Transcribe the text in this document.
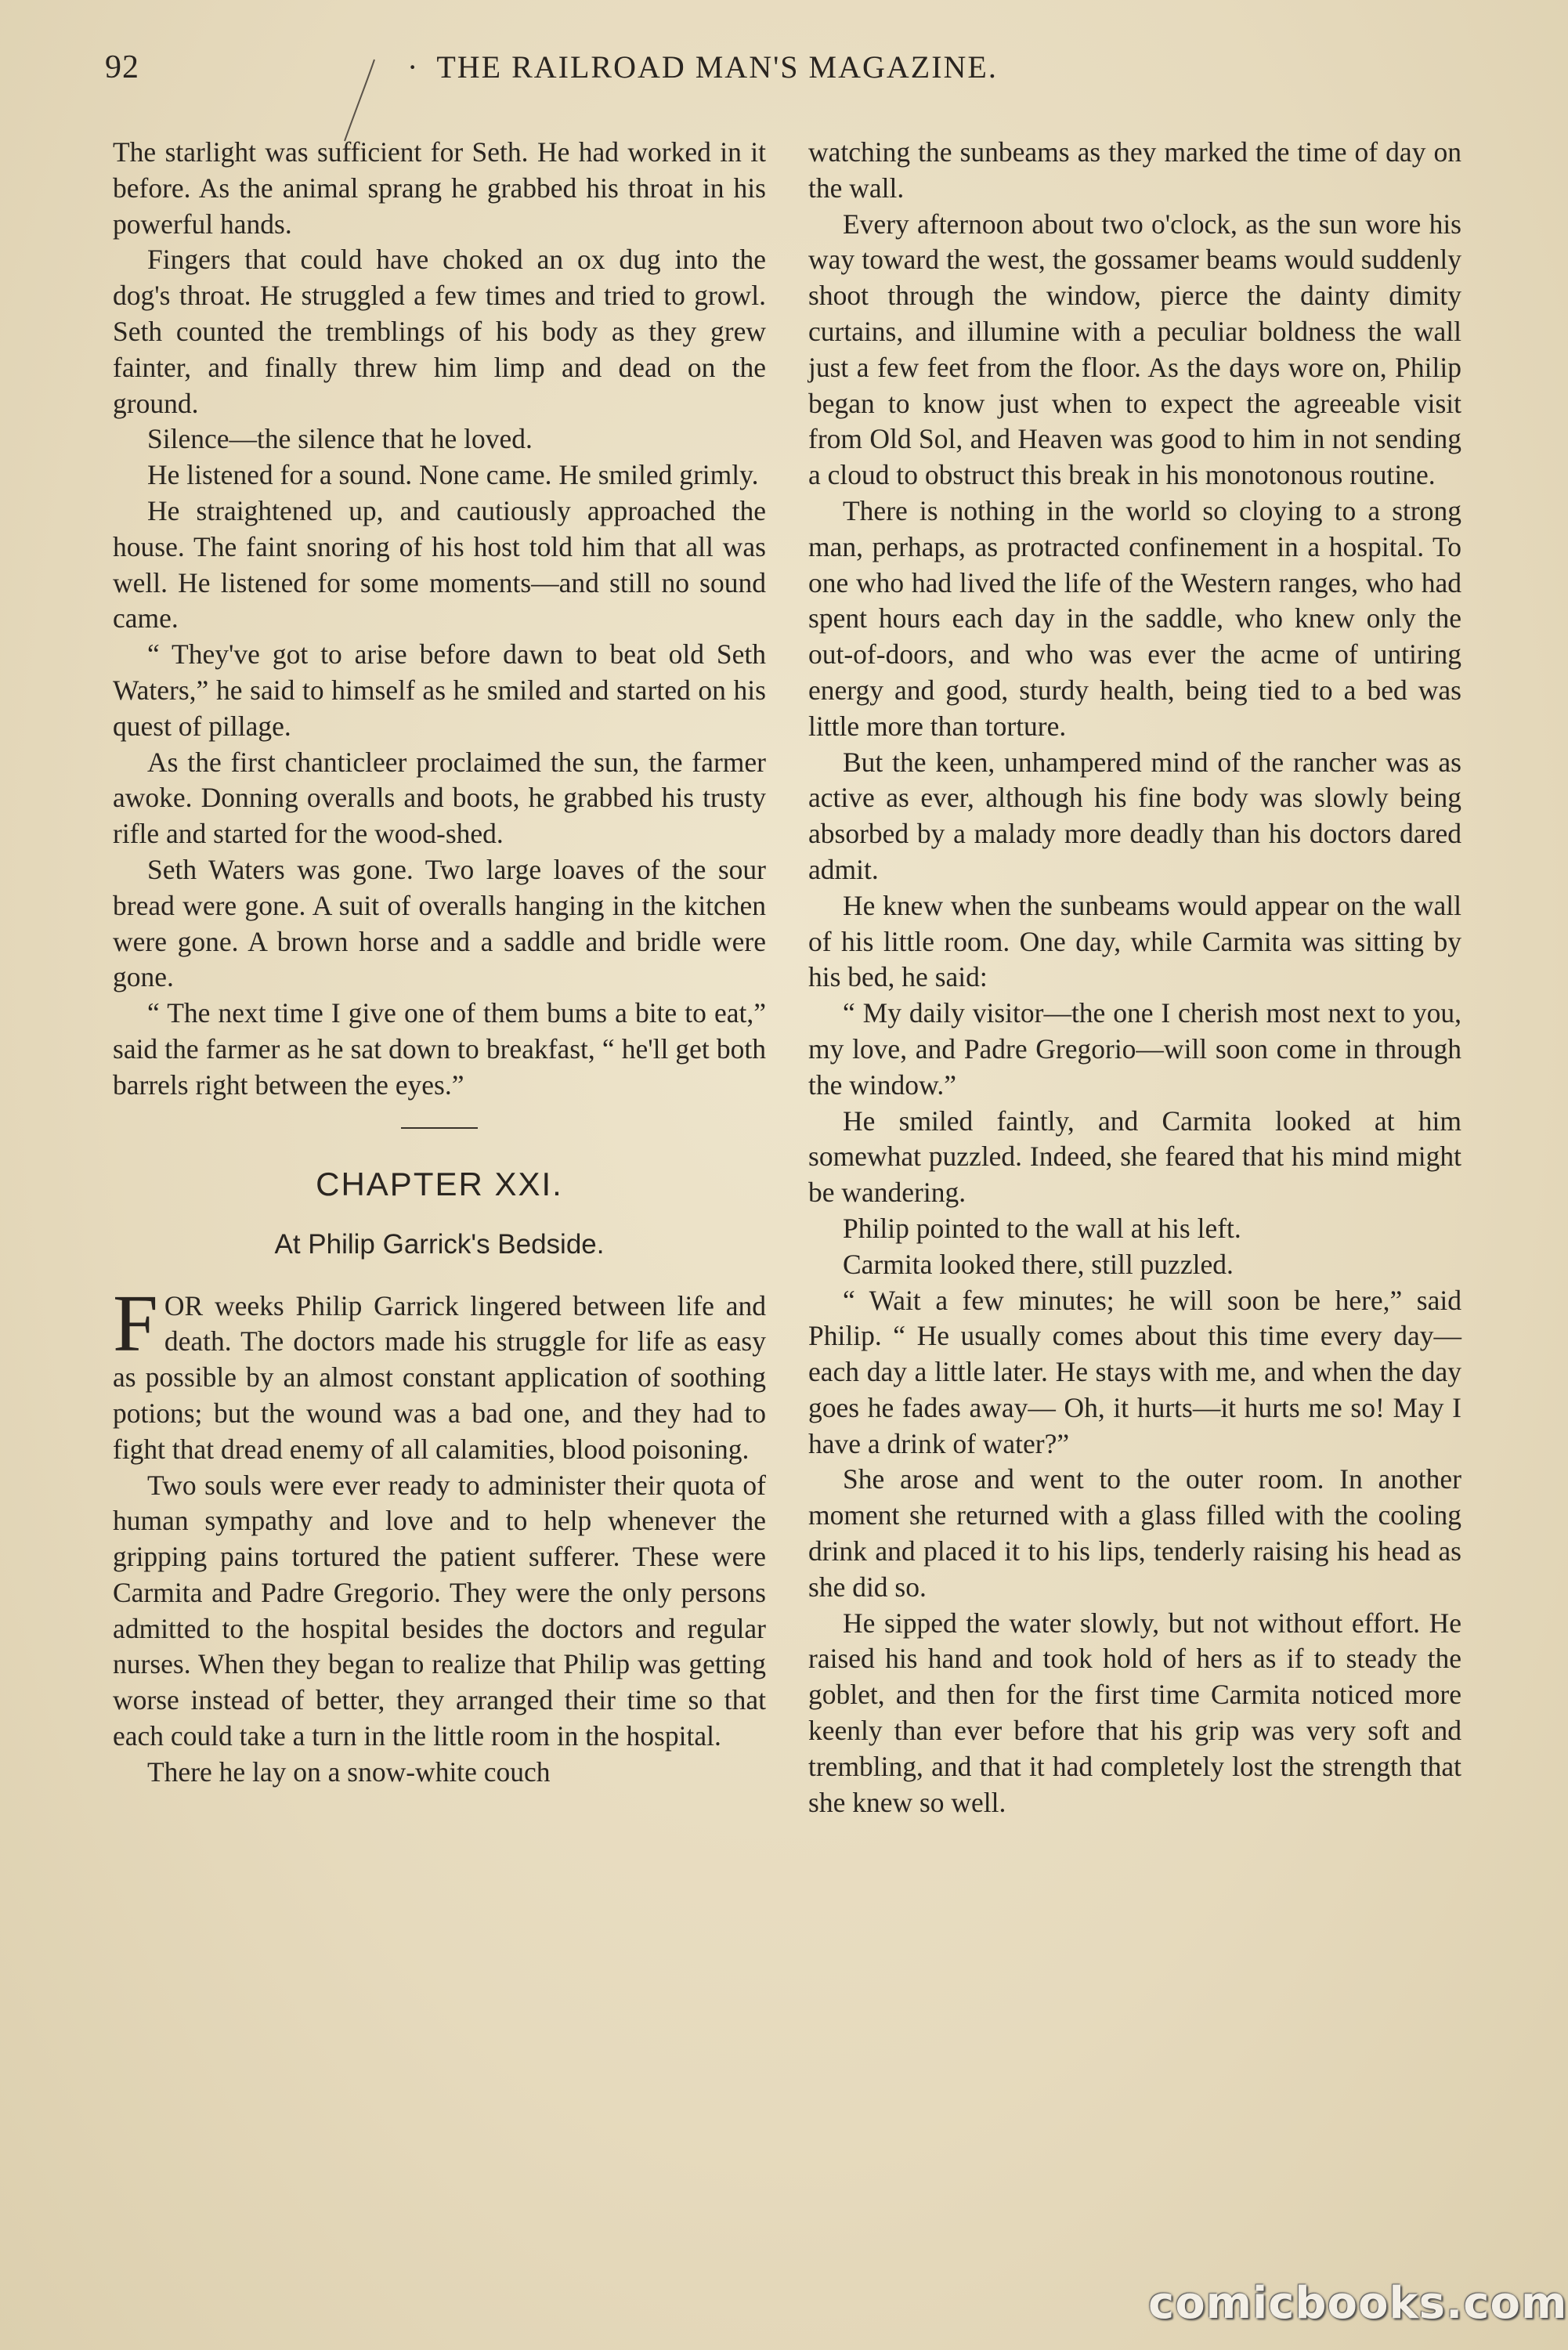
92	· THE RAILROAD MAN'S MAGAZINE.

The starlight was sufficient for Seth. He had worked in it before. As the animal sprang he grabbed his throat in his powerful hands.

Fingers that could have choked an ox dug into the dog's throat. He struggled a few times and tried to growl. Seth counted the tremblings of his body as they grew fainter, and finally threw him limp and dead on the ground.

Silence—the silence that he loved.

He listened for a sound. None came. He smiled grimly.

He straightened up, and cautiously approached the house. The faint snoring of his host told him that all was well. He listened for some moments—and still no sound came.

“ They've got to arise before dawn to beat old Seth Waters,” he said to himself as he smiled and started on his quest of pillage.

As the first chanticleer proclaimed the sun, the farmer awoke. Donning overalls and boots, he grabbed his trusty rifle and started for the wood-shed.

Seth Waters was gone. Two large loaves of the sour bread were gone. A suit of overalls hanging in the kitchen were gone. A brown horse and a saddle and bridle were gone.

“ The next time I give one of them bums a bite to eat,” said the farmer as he sat down to breakfast, “ he'll get both barrels right between the eyes.”

CHAPTER XXI.
At Philip Garrick's Bedside.

FOR weeks Philip Garrick lingered between life and death. The doctors made his struggle for life as easy as possible by an almost constant application of soothing potions; but the wound was a bad one, and they had to fight that dread enemy of all calamities, blood poisoning.

Two souls were ever ready to administer their quota of human sympathy and love and to help whenever the gripping pains tortured the patient sufferer. These were Carmita and Padre Gregorio. They were the only persons admitted to the hospital besides the doctors and regular nurses. When they began to realize that Philip was getting worse instead of better, they arranged their time so that each could take a turn in the little room in the hospital.

There he lay on a snow-white couch

watching the sunbeams as they marked the time of day on the wall.

Every afternoon about two o'clock, as the sun wore his way toward the west, the gossamer beams would suddenly shoot through the window, pierce the dainty dimity curtains, and illumine with a peculiar boldness the wall just a few feet from the floor. As the days wore on, Philip began to know just when to expect the agreeable visit from Old Sol, and Heaven was good to him in not sending a cloud to obstruct this break in his monotonous routine.

There is nothing in the world so cloying to a strong man, perhaps, as protracted confinement in a hospital. To one who had lived the life of the Western ranges, who had spent hours each day in the saddle, who knew only the out-of-doors, and who was ever the acme of untiring energy and good, sturdy health, being tied to a bed was little more than torture.

But the keen, unhampered mind of the rancher was as active as ever, although his fine body was slowly being absorbed by a malady more deadly than his doctors dared admit.

He knew when the sunbeams would appear on the wall of his little room. One day, while Carmita was sitting by his bed, he said:

“ My daily visitor—the one I cherish most next to you, my love, and Padre Gregorio—will soon come in through the window.”

He smiled faintly, and Carmita looked at him somewhat puzzled. Indeed, she feared that his mind might be wandering.

Philip pointed to the wall at his left.

Carmita looked there, still puzzled.

“ Wait a few minutes; he will soon be here,” said Philip. “ He usually comes about this time every day—each day a little later. He stays with me, and when the day goes he fades away— Oh, it hurts—it hurts me so! May I have a drink of water?”

She arose and went to the outer room. In another moment she returned with a glass filled with the cooling drink and placed it to his lips, tenderly raising his head as she did so.

He sipped the water slowly, but not without effort. He raised his hand and took hold of hers as if to steady the goblet, and then for the first time Carmita noticed more keenly than ever before that his grip was very soft and trembling, and that it had completely lost the strength that she knew so well.

comicbooks.com
